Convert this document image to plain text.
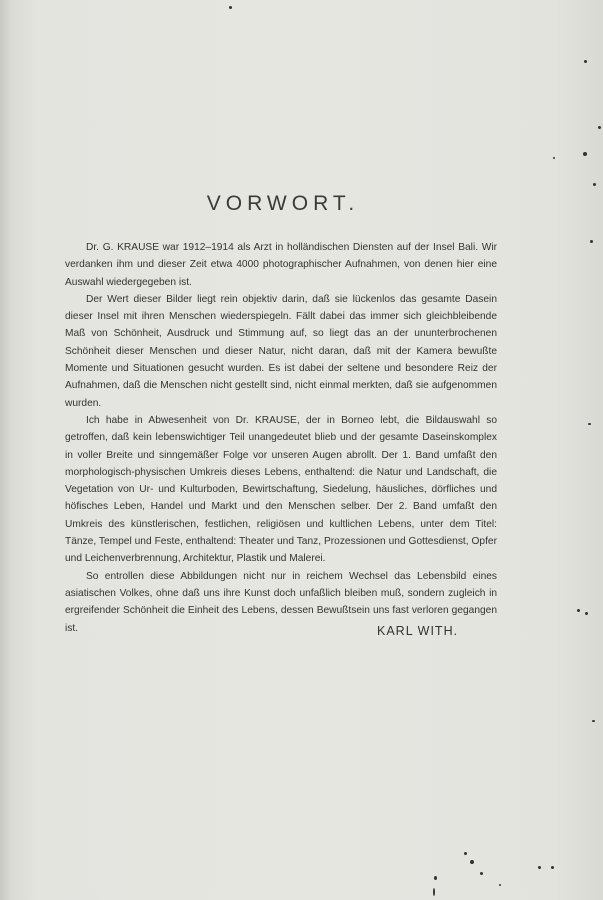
VORWORT.

Dr. G. KRAUSE war 1912–1914 als Arzt in holländischen Diensten auf der Insel Bali. Wir verdanken ihm und dieser Zeit etwa 4000 photographischer Aufnahmen, von denen hier eine Auswahl wiedergegeben ist.

Der Wert dieser Bilder liegt rein objektiv darin, daß sie lückenlos das gesamte Dasein dieser Insel mit ihren Menschen wiederspiegeln. Fällt dabei das immer sich gleichbleibende Maß von Schönheit, Ausdruck und Stimmung auf, so liegt das an der ununterbrochenen Schönheit dieser Menschen und dieser Natur, nicht daran, daß mit der Kamera bewußte Momente und Situationen gesucht wurden. Es ist dabei der seltene und besondere Reiz der Aufnahmen, daß die Menschen nicht gestellt sind, nicht einmal merkten, daß sie aufgenommen wurden.

Ich habe in Abwesenheit von Dr. KRAUSE, der in Borneo lebt, die Bildauswahl so getroffen, daß kein lebenswichtiger Teil unangedeutet blieb und der gesamte Daseinskomplex in voller Breite und sinngemäßer Folge vor unseren Augen abrollt. Der 1. Band umfaßt den morphologisch-physischen Umkreis dieses Lebens, enthaltend: die Natur und Landschaft, die Vegetation von Ur- und Kulturboden, Bewirtschaftung, Siedelung, häusliches, dörfliches und höfisches Leben, Handel und Markt und den Menschen selber. Der 2. Band umfaßt den Umkreis des künstlerischen, festlichen, religiösen und kultlichen Lebens, unter dem Titel: Tänze, Tempel und Feste, enthaltend: Theater und Tanz, Prozessionen und Gottesdienst, Opfer und Leichenverbrennung, Architektur, Plastik und Malerei.

So entrollen diese Abbildungen nicht nur in reichem Wechsel das Lebensbild eines asiatischen Volkes, ohne daß uns ihre Kunst doch unfaßlich bleiben muß, sondern zugleich in ergreifender Schönheit die Einheit des Lebens, dessen Bewußtsein uns fast verloren gegangen ist.	KARL WITH.
